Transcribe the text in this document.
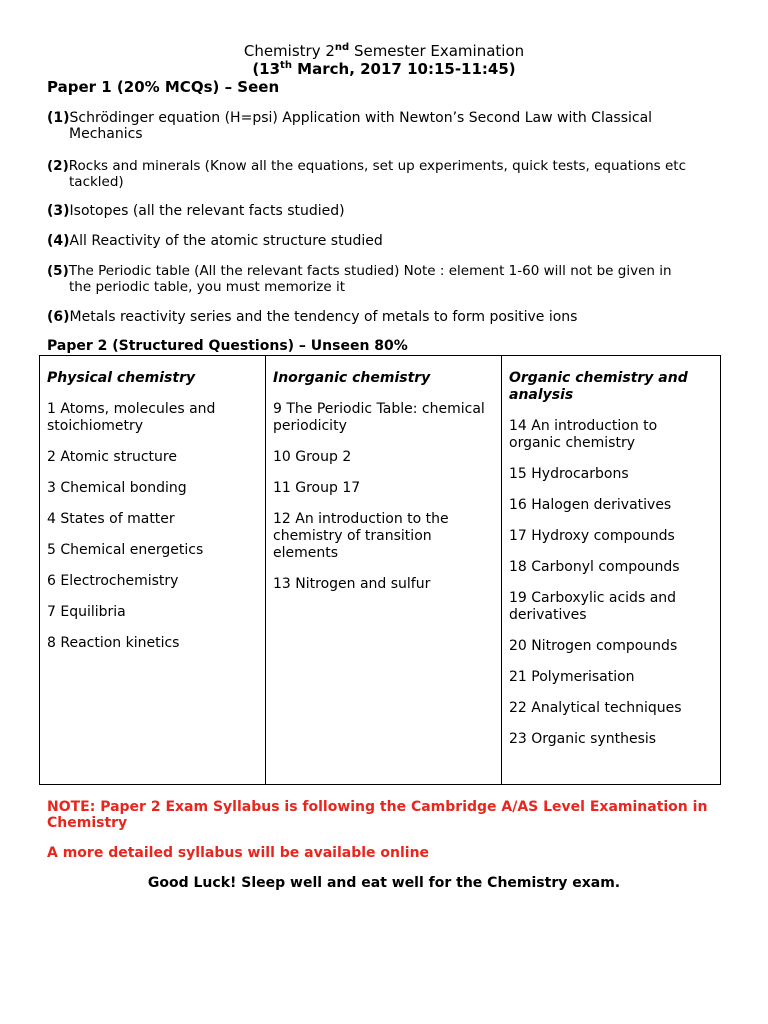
Chemistry 2nd Semester Examination
(13th March, 2017 10:15-11:45)
Paper 1 (20% MCQs) – Seen
(1)Schrödinger equation (H=psi) Application with Newton’s Second Law with Classical
Mechanics
(2)Rocks and minerals (Know all the equations, set up experiments, quick tests, equations etc
tackled)
(3)Isotopes (all the relevant facts studied)
(4)All Reactivity of the atomic structure studied
(5)The Periodic table (All the relevant facts studied) Note : element 1-60 will not be given in
the periodic table, you must memorize it
(6)Metals reactivity series and the tendency of metals to form positive ions
Paper 2 (Structured Questions) – Unseen 80%
Physical chemistry
1 Atoms, molecules and stoichiometry
2 Atomic structure
3 Chemical bonding
4 States of matter
5 Chemical energetics
6 Electrochemistry
7 Equilibria
8 Reaction kinetics

Inorganic chemistry
9 The Periodic Table: chemical periodicity
10 Group 2
11 Group 17
12 An introduction to the chemistry of transition elements
13 Nitrogen and sulfur

Organic chemistry and analysis
14 An introduction to organic chemistry
15 Hydrocarbons
16 Halogen derivatives
17 Hydroxy compounds
18 Carbonyl compounds
19 Carboxylic acids and derivatives
20 Nitrogen compounds
21 Polymerisation
22 Analytical techniques
23 Organic synthesis
NOTE: Paper 2 Exam Syllabus is following the Cambridge A/AS Level Examination in Chemistry
A more detailed syllabus will be available online
Good Luck! Sleep well and eat well for the Chemistry exam.
